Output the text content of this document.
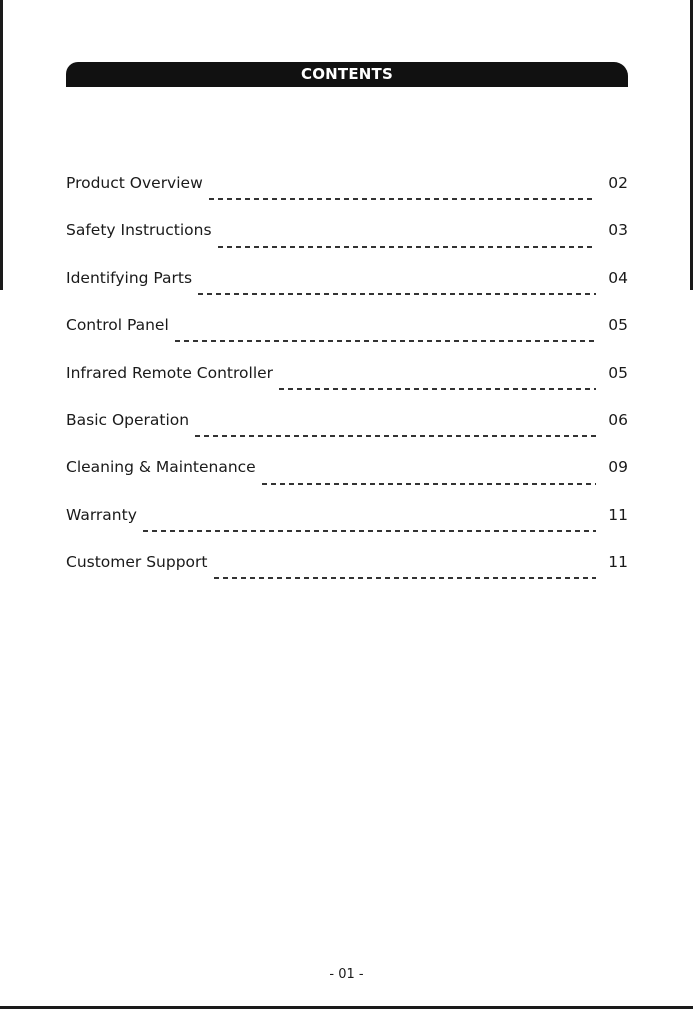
CONTENTS
Product Overview	02
Safety Instructions	03
Identifying Parts	04
Control Panel	05
Infrared Remote Controller	05
Basic Operation	06
Cleaning & Maintenance	09
Warranty	11
Customer Support	11
- 01 -
